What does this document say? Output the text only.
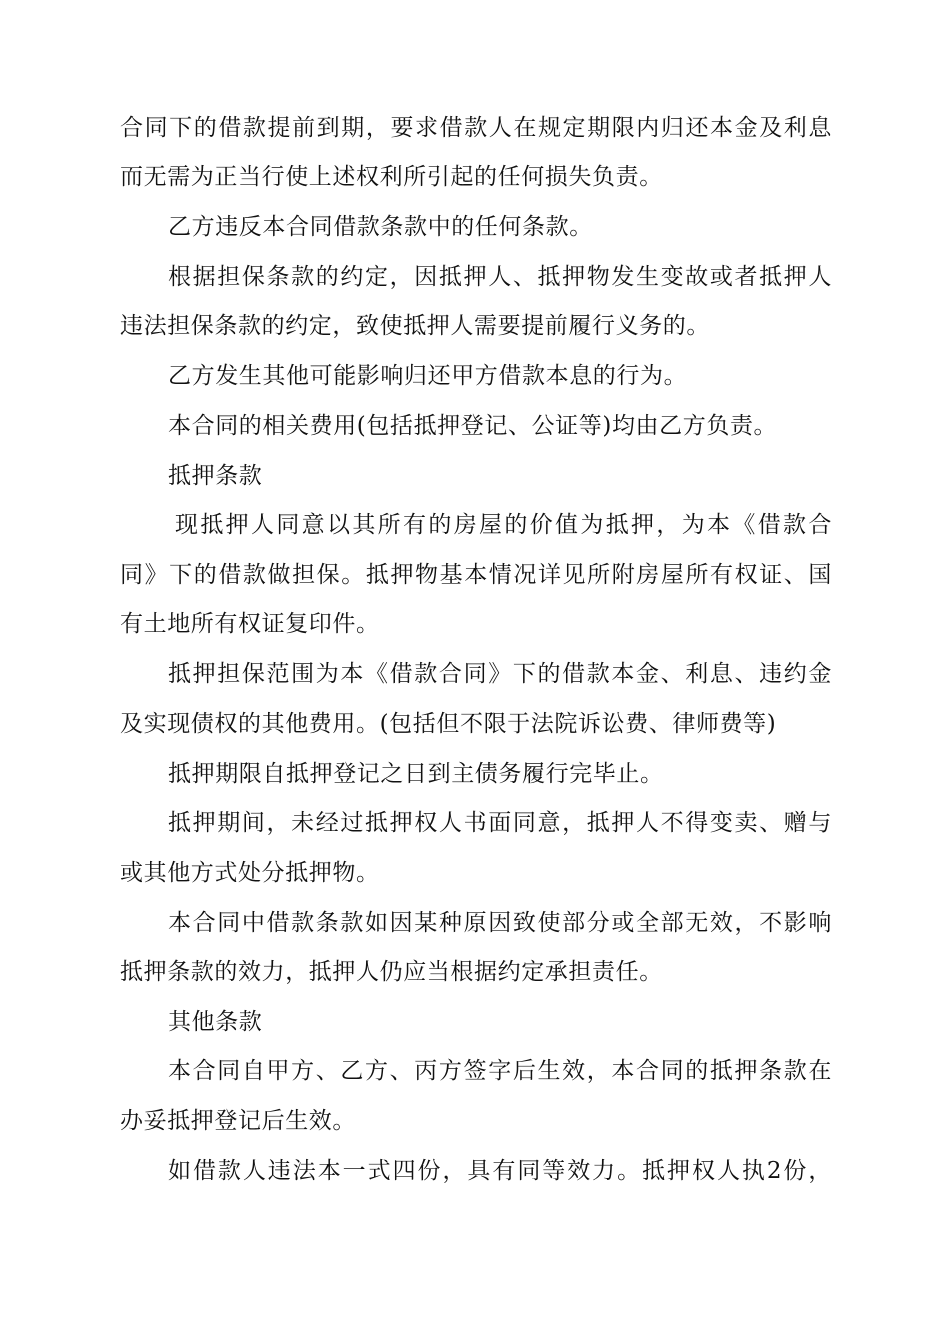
合同下的借款提前到期，要求借款人在规定期限内归还本金及利息
而无需为正当行使上述权利所引起的任何损失负责。
乙方违反本合同借款条款中的任何条款。
根据担保条款的约定，因抵押人、抵押物发生变故或者抵押人
违法担保条款的约定，致使抵押人需要提前履行义务的。
乙方发生其他可能影响归还甲方借款本息的行为。
本合同的相关费用(包括抵押登记、公证等)均由乙方负责。
抵押条款
现抵押人同意以其所有的房屋的价值为抵押，为本《借款合
同》下的借款做担保。抵押物基本情况详见所附房屋所有权证、国
有土地所有权证复印件。
抵押担保范围为本《借款合同》下的借款本金、利息、违约金
及实现债权的其他费用。(包括但不限于法院诉讼费、律师费等)
抵押期限自抵押登记之日到主债务履行完毕止。
抵押期间，未经过抵押权人书面同意，抵押人不得变卖、赠与
或其他方式处分抵押物。
本合同中借款条款如因某种原因致使部分或全部无效，不影响
抵押条款的效力，抵押人仍应当根据约定承担责任。
其他条款
本合同自甲方、乙方、丙方签字后生效，本合同的抵押条款在
办妥抵押登记后生效。
如借款人违法本一式四份，具有同等效力。抵押权人执2份，
